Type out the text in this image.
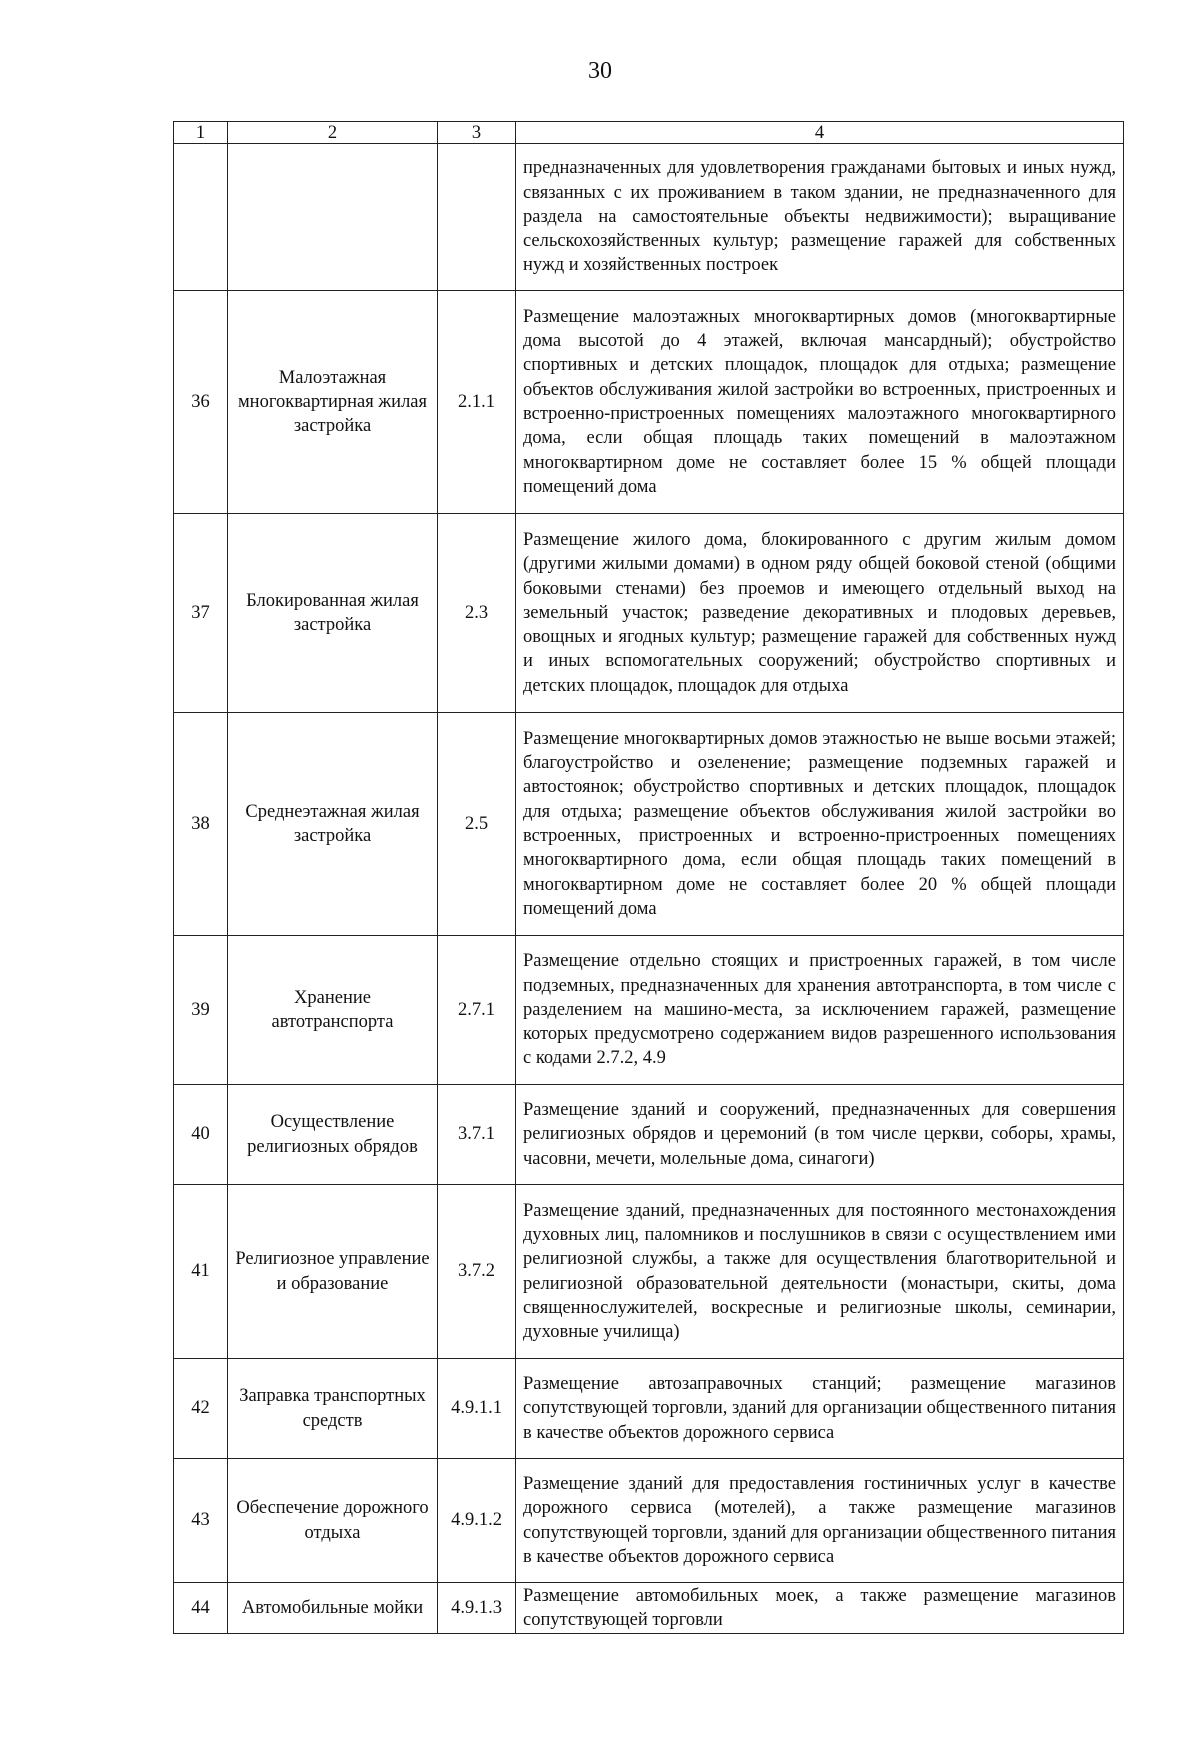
30
1	2	3	4
			предназначенных для удовлетворения гражданами бытовых и иных нужд, связанных с их проживанием в таком здании, не предназначенного для раздела на самостоятельные объекты недвижимости); выращивание сельскохозяйственных культур; размещение гаражей для собственных нужд и хозяйственных построек
36	Малоэтажная многоквартирная жилая застройка	2.1.1	Размещение малоэтажных многоквартирных домов (многоквартирные дома высотой до 4 этажей, включая мансардный); обустройство спортивных и детских площадок, площадок для отдыха; размещение объектов обслуживания жилой застройки во встроенных, пристроенных и встроенно-пристроенных помещениях малоэтажного многоквартирного дома, если общая площадь таких помещений в малоэтажном многоквартирном доме не составляет более 15 % общей площади помещений дома
37	Блокированная жилая застройка	2.3	Размещение жилого дома, блокированного с другим жилым домом (другими жилыми домами) в одном ряду общей боковой стеной (общими боковыми стенами) без проемов и имеющего отдельный выход на земельный участок; разведение декоративных и плодовых деревьев, овощных и ягодных культур; размещение гаражей для собственных нужд и иных вспомогательных сооружений; обустройство спортивных и детских площадок, площадок для отдыха
38	Среднеэтажная жилая застройка	2.5	Размещение многоквартирных домов этажностью не выше восьми этажей; благоустройство и озеленение; размещение подземных гаражей и автостоянок; обустройство спортивных и детских площадок, площадок для отдыха; размещение объектов обслуживания жилой застройки во встроенных, пристроенных и встроенно-пристроенных помещениях многоквартирного дома, если общая площадь таких помещений в многоквартирном доме не составляет более 20 % общей площади помещений дома
39	Хранение автотранспорта	2.7.1	Размещение отдельно стоящих и пристроенных гаражей, в том числе подземных, предназначенных для хранения автотранспорта, в том числе с разделением на машино-места, за исключением гаражей, размещение которых предусмотрено содержанием видов разрешенного использования с кодами 2.7.2, 4.9
40	Осуществление религиозных обрядов	3.7.1	Размещение зданий и сооружений, предназначенных для совершения религиозных обрядов и церемоний (в том числе церкви, соборы, храмы, часовни, мечети, молельные дома, синагоги)
41	Религиозное управление и образование	3.7.2	Размещение зданий, предназначенных для постоянного местонахождения духовных лиц, паломников и послушников в связи с осуществлением ими религиозной службы, а также для осуществления благотворительной и религиозной образовательной деятельности (монастыри, скиты, дома священнослужителей, воскресные и религиозные школы, семинарии, духовные училища)
42	Заправка транспортных средств	4.9.1.1	Размещение автозаправочных станций; размещение магазинов сопутствующей торговли, зданий для организации общественного питания в качестве объектов дорожного сервиса
43	Обеспечение дорожного отдыха	4.9.1.2	Размещение зданий для предоставления гостиничных услуг в качестве дорожного сервиса (мотелей), а также размещение магазинов сопутствующей торговли, зданий для организации общественного питания в качестве объектов дорожного сервиса
44	Автомобильные мойки	4.9.1.3	Размещение автомобильных моек, а также размещение магазинов сопутствующей торговли
